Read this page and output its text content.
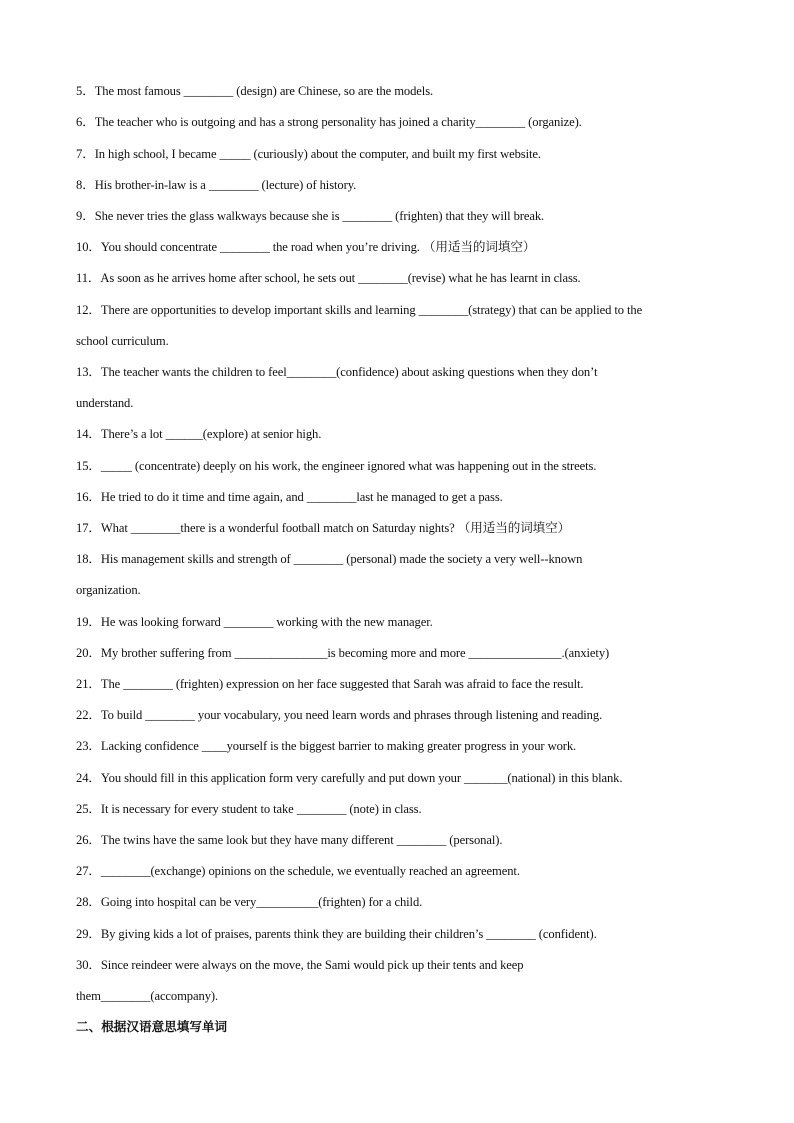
5．The most famous ________ (design) are Chinese, so are the models.
6．The teacher who is outgoing and has a strong personality has joined a charity________ (organize).
7．In high school, I became _____ (curiously) about the computer, and built my first website.
8．His brother-in-law is a ________ (lecture) of history.
9．She never tries the glass walkways because she is ________ (frighten) that they will break.
10．You should concentrate ________ the road when you’re driving. （用适当的词填空）
11．As soon as he arrives home after school, he sets out ________(revise) what he has learnt in class.
12．There are opportunities to develop important skills and learning ________(strategy) that can be applied to the
school curriculum.
13．The teacher wants the children to feel________(confidence) about asking questions when they don’t
understand.
14．There’s a lot ______(explore) at senior high.
15．_____ (concentrate) deeply on his work, the engineer ignored what was happening out in the streets.
16．He tried to do it time and time again, and ________last he managed to get a pass.
17．What ________there is a wonderful football match on Saturday nights? （用适当的词填空）
18．His management skills and strength of ________ (personal) made the society a very well--known
organization.
19．He was looking forward ________ working with the new manager.
20．My brother suffering from _______________is becoming more and more _______________.(anxiety)
21．The ________ (frighten) expression on her face suggested that Sarah was afraid to face the result.
22．To build ________ your vocabulary, you need learn words and phrases through listening and reading.
23．Lacking confidence ____yourself is the biggest barrier to making greater progress in your work.
24．You should fill in this application form very carefully and put down your _______(national) in this blank.
25．It is necessary for every student to take ________ (note) in class.
26．The twins have the same look but they have many different ________ (personal).
27．________(exchange) opinions on the schedule, we eventually reached an agreement.
28．Going into hospital can be very__________(frighten) for a child.
29．By giving kids a lot of praises, parents think they are building their children’s ________ (confident).
30．Since reindeer were always on the move, the Sami would pick up their tents and keep
them________(accompany).
二、根据汉语意思填写单词
